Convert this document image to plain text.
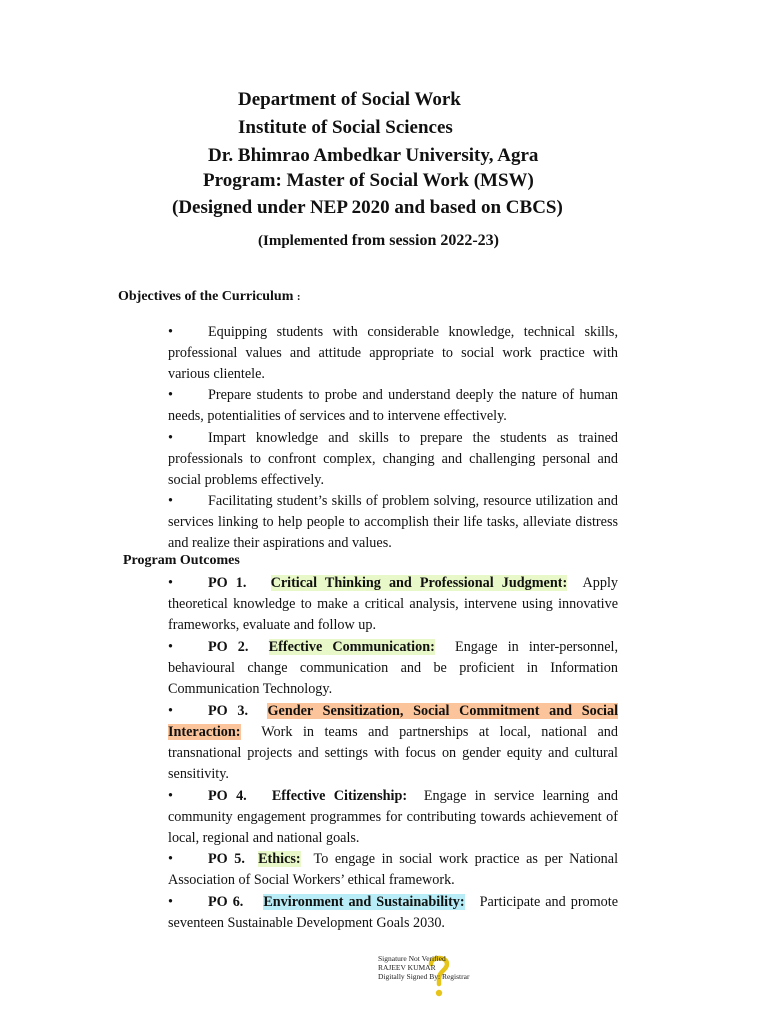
Department of Social Work
Institute of Social Sciences
Dr. Bhimrao Ambedkar University, Agra
Program: Master of Social Work (MSW)
(Designed under NEP 2020 and based on CBCS)
(Implemented from session 2022-23)
Objectives of the Curriculum :
• Equipping students with considerable knowledge, technical skills, professional values and attitude appropriate to social work practice with various clientele.
• Prepare students to probe and understand deeply the nature of human needs, potentialities of services and to intervene effectively.
• Impart knowledge and skills to prepare the students as trained professionals to confront complex, changing and challenging personal and social problems effectively.
• Facilitating student’s skills of problem solving, resource utilization and services linking to help people to accomplish their life tasks, alleviate distress and realize their aspirations and values.
Program Outcomes
• PO 1. Critical Thinking and Professional Judgment: Apply theoretical knowledge to make a critical analysis, intervene using innovative frameworks, evaluate and follow up.
• PO 2. Effective Communication: Engage in inter-personnel, behavioural change communication and be proficient in Information Communication Technology.
• PO 3. Gender Sensitization, Social Commitment and Social Interaction: Work in teams and partnerships at local, national and transnational projects and settings with focus on gender equity and cultural sensitivity.
• PO 4. Effective Citizenship: Engage in service learning and community engagement programmes for contributing towards achievement of local, regional and national goals.
• PO 5. Ethics: To engage in social work practice as per National Association of Social Workers’ ethical framework.
• PO 6. Environment and Sustainability: Participate and promote seventeen Sustainable Development Goals 2030.
Signature Not Verified
RAJEEV KUMAR
Digitally Signed By: Registrar
